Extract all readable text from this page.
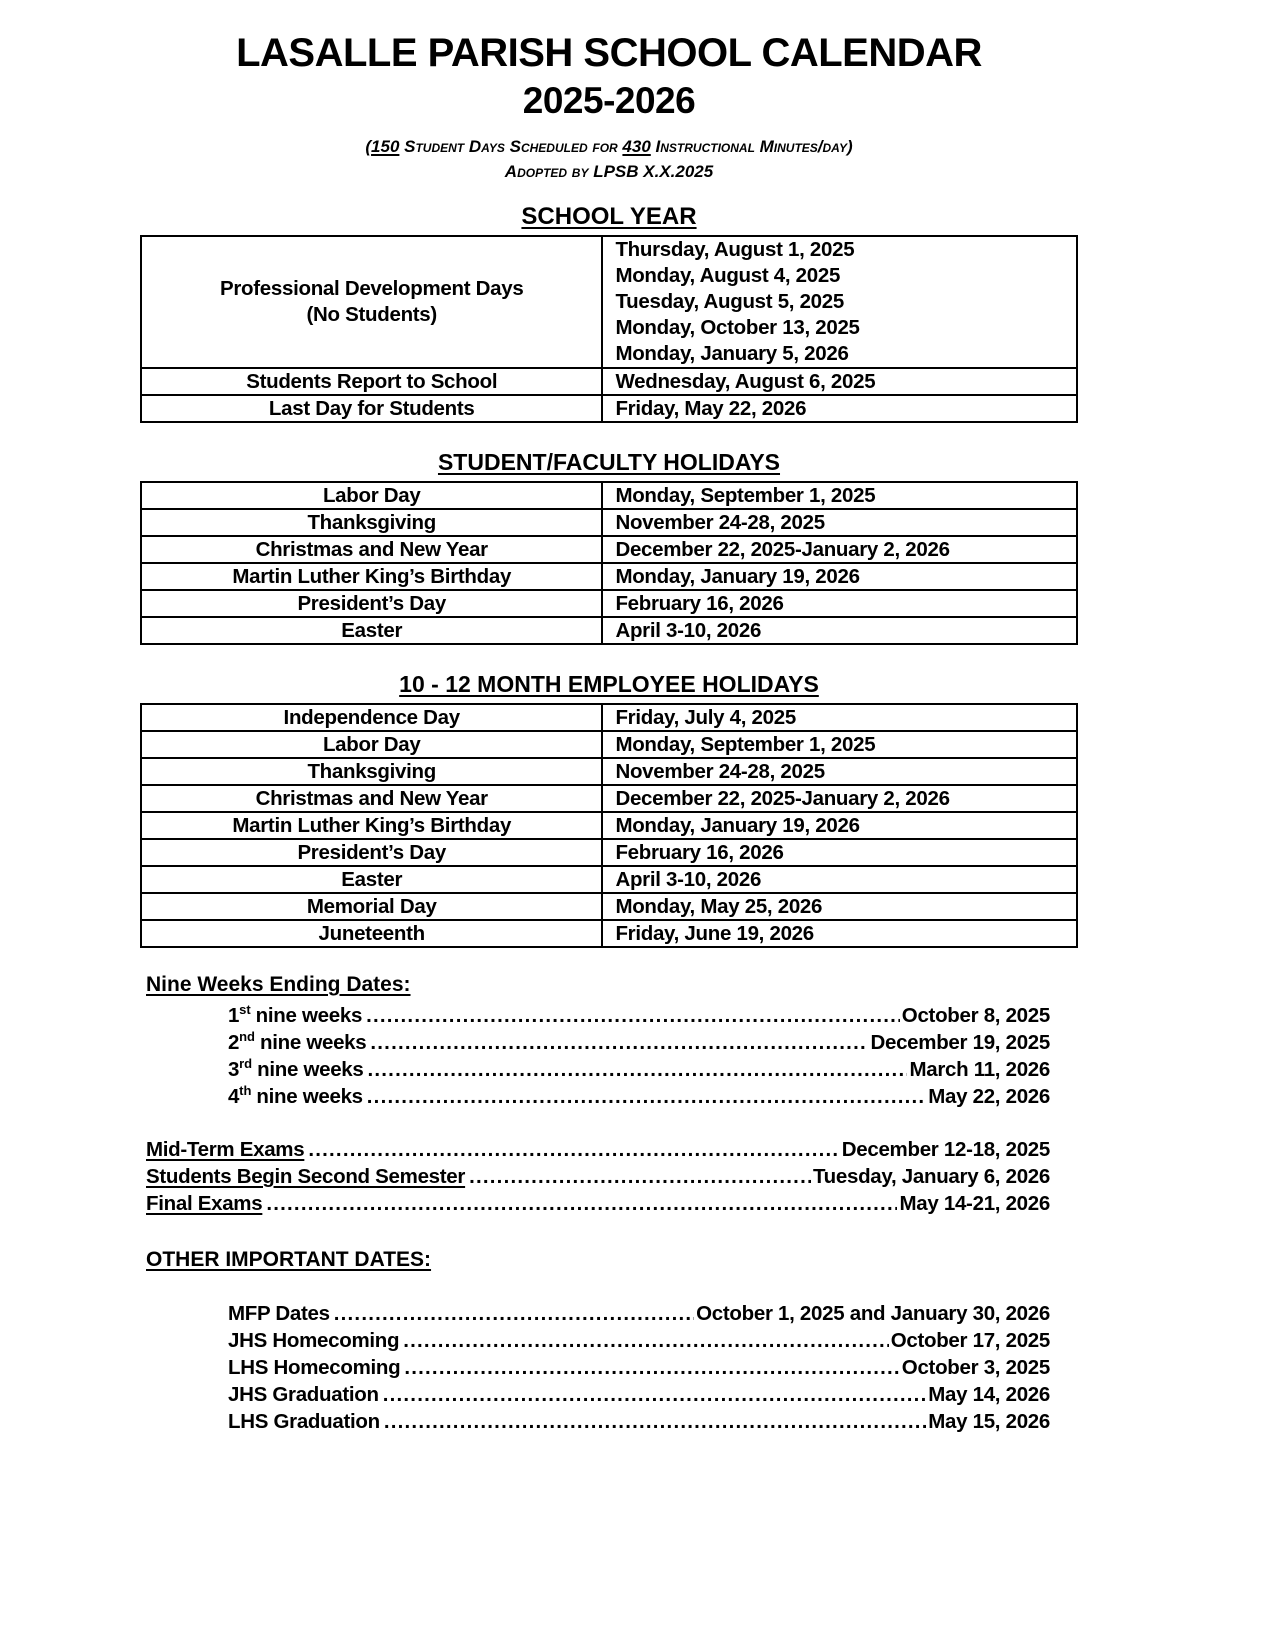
LASALLE PARISH SCHOOL CALENDAR
2025-2026

(150 Student Days Scheduled for 430 Instructional Minutes/day)

Adopted by LPSB X.X.2025

SCHOOL YEAR
Professional Development Days
(No Students)

Thursday, August 1, 2025
Monday, August 4, 2025
Tuesday, August 5, 2025
Monday, October 13, 2025
Monday, January 5, 2026

Students Report to School	Wednesday, August 6, 2025
Last Day for Students	Friday, May 22, 2026
STUDENT/FACULTY HOLIDAYS
Labor Day	Monday, September 1, 2025
Thanksgiving	November 24-28, 2025
Christmas and New Year	December 22, 2025-January 2, 2026
Martin Luther King’s Birthday	Monday, January 19, 2026
President’s Day	February 16, 2026
Easter	April 3-10, 2026
10 - 12 MONTH EMPLOYEE HOLIDAYS
Independence Day	Friday, July 4, 2025
Labor Day	Monday, September 1, 2025
Thanksgiving	November 24-28, 2025
Christmas and New Year	December 22, 2025-January 2, 2026
Martin Luther King’s Birthday	Monday, January 19, 2026
President’s Day	February 16, 2026
Easter	April 3-10, 2026
Memorial Day	Monday, May 25, 2026
Juneteenth	Friday, June 19, 2026
Nine Weeks Ending Dates:
1st nine weeks .....	October 8, 2025
2nd nine weeks .....	December 19, 2025
3rd nine weeks .....	March 11, 2026
4th nine weeks .....	May 22, 2026
Mid-Term Exams .....	December 12-18, 2025
Students Begin Second Semester .....	Tuesday, January 6, 2026
Final Exams .....	May 14-21, 2026
OTHER IMPORTANT DATES:
MFP Dates .....	October 1, 2025 and January 30, 2026
JHS Homecoming .....	October 17, 2025
LHS Homecoming .....	October 3, 2025
JHS Graduation .....	May 14, 2026
LHS Graduation .....	May 15, 2026
